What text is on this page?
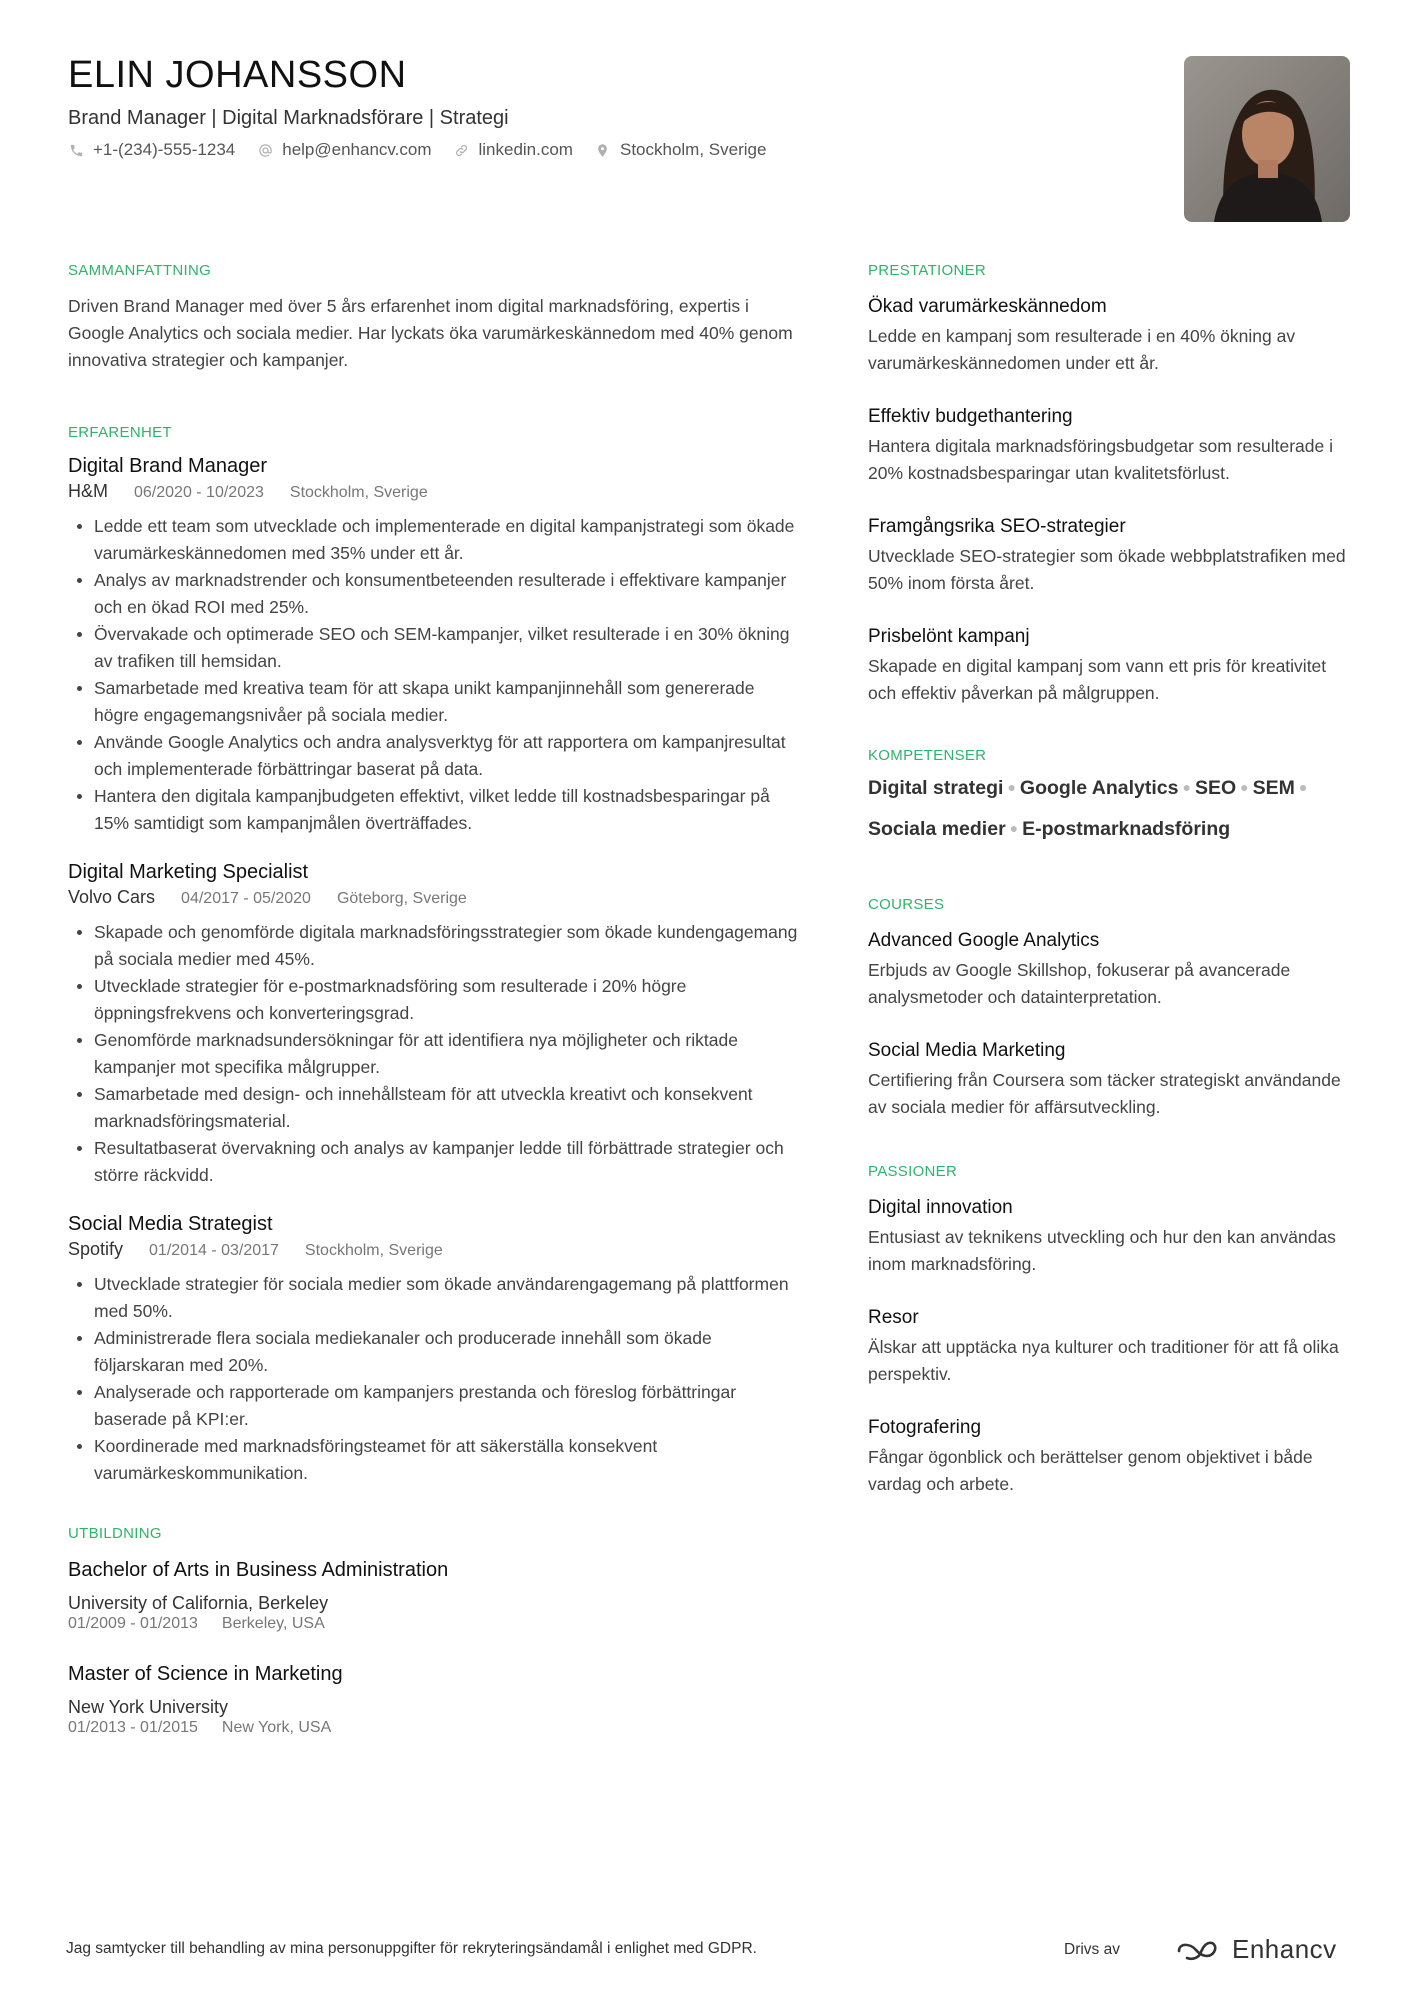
ELIN JOHANSSON
Brand Manager | Digital Marknadsförare | Strategi
+1-(234)-555-1234	help@enhancv.com	linkedin.com	Stockholm, Sverige
SAMMANFATTNING
Driven Brand Manager med över 5 års erfarenhet inom digital marknadsföring, expertis i Google Analytics och sociala medier. Har lyckats öka varumärkeskännedom med 40% genom innovativa strategier och kampanjer.
ERFARENHET
Digital Brand Manager
H&M 06/2020 - 10/2023 Stockholm, Sverige
Ledde ett team som utvecklade och implementerade en digital kampanjstrategi som ökade varumärkeskännedomen med 35% under ett år.
Analys av marknadstrender och konsumentbeteenden resulterade i effektivare kampanjer och en ökad ROI med 25%.
Övervakade och optimerade SEO och SEM-kampanjer, vilket resulterade i en 30% ökning av trafiken till hemsidan.
Samarbetade med kreativa team för att skapa unikt kampanjinnehåll som genererade högre engagemangsnivåer på sociala medier.
Använde Google Analytics och andra analysverktyg för att rapportera om kampanjresultat och implementerade förbättringar baserat på data.
Hantera den digitala kampanjbudgeten effektivt, vilket ledde till kostnadsbesparingar på 15% samtidigt som kampanjmålen överträffades.
Digital Marketing Specialist
Volvo Cars 04/2017 - 05/2020 Göteborg, Sverige
Skapade och genomförde digitala marknadsföringsstrategier som ökade kundengagemang på sociala medier med 45%.
Utvecklade strategier för e-postmarknadsföring som resulterade i 20% högre öppningsfrekvens och konverteringsgrad.
Genomförde marknadsundersökningar för att identifiera nya möjligheter och riktade kampanjer mot specifika målgrupper.
Samarbetade med design- och innehållsteam för att utveckla kreativt och konsekvent marknadsföringsmaterial.
Resultatbaserat övervakning och analys av kampanjer ledde till förbättrade strategier och större räckvidd.
Social Media Strategist
Spotify 01/2014 - 03/2017 Stockholm, Sverige
Utvecklade strategier för sociala medier som ökade användarengagemang på plattformen med 50%.
Administrerade flera sociala mediekanaler och producerade innehåll som ökade följarskaran med 20%.
Analyserade och rapporterade om kampanjers prestanda och föreslog förbättringar baserade på KPI:er.
Koordinerade med marknadsföringsteamet för att säkerställa konsekvent varumärkeskommunikation.
UTBILDNING
Bachelor of Arts in Business Administration
University of California, Berkeley
01/2009 - 01/2013 Berkeley, USA
Master of Science in Marketing
New York University
01/2013 - 01/2015 New York, USA
PRESTATIONER
Ökad varumärkeskännedom
Ledde en kampanj som resulterade i en 40% ökning av varumärkeskännedomen under ett år.
Effektiv budgethantering
Hantera digitala marknadsföringsbudgetar som resulterade i 20% kostnadsbesparingar utan kvalitetsförlust.
Framgångsrika SEO-strategier
Utvecklade SEO-strategier som ökade webbplatstrafiken med 50% inom första året.
Prisbelönt kampanj
Skapade en digital kampanj som vann ett pris för kreativitet och effektiv påverkan på målgruppen.
KOMPETENSER
Digital strategi ● Google Analytics ● SEO ● SEM ●
Sociala medier ● E-postmarknadsföring
COURSES
Advanced Google Analytics
Erbjuds av Google Skillshop, fokuserar på avancerade analysmetoder och datainterpretation.
Social Media Marketing
Certifiering från Coursera som täcker strategiskt användande av sociala medier för affärsutveckling.
PASSIONER
Digital innovation
Entusiast av teknikens utveckling och hur den kan användas inom marknadsföring.
Resor
Älskar att upptäcka nya kulturer och traditioner för att få olika perspektiv.
Fotografering
Fångar ögonblick och berättelser genom objektivet i både vardag och arbete.
Jag samtycker till behandling av mina personuppgifter för rekryteringsändamål i enlighet med GDPR.	Drivs av	Enhancv
